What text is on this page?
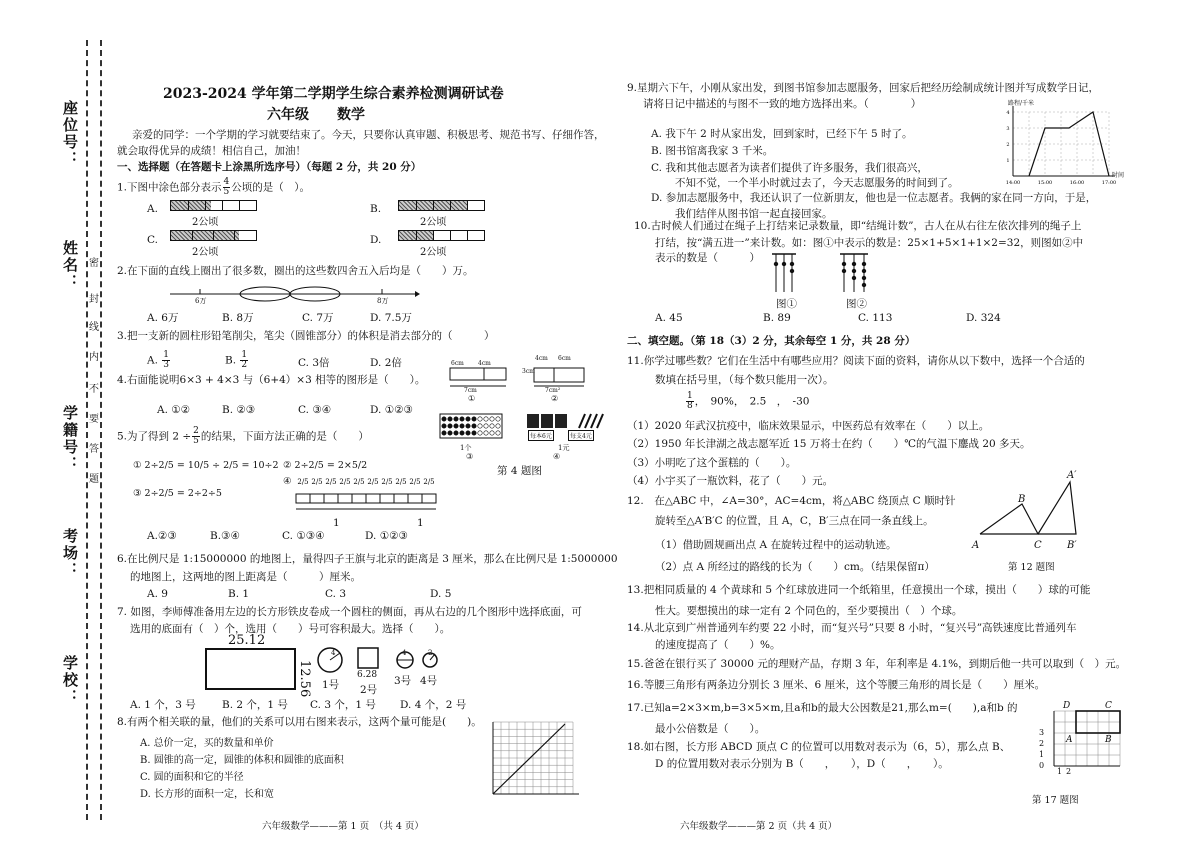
座位号：
姓名：
学籍号：
考场：
学校：
密
封
线
内
不
要
答
题
2023-2024 学年第二学期学生综合素养检测调研试卷
六年级　　数学
亲爱的同学：一个学期的学习就要结束了。今天，只要你认真审题、积极思考、规范书写、仔细作答，
就会取得优异的成绩！相信自己，加油！
一、选择题（在答题卡上涂黑所选序号）（每题 2 分，共 20 分）
1.下图中涂色部分表示 $\frac{4}{5}$ 公顷的是（　）。
A.
2公顷
B.
2公顷
C.
2公顷
D.
2公顷
2.在下面的直线上圈出了很多数，圈出的这些数四舍五入后均是（　　）万。
6万	8万
A. 6万	B. 8万	C. 7万	D. 7.5万
3.把一支新的圆柱形铅笔削尖，笔尖（圆锥部分）的体积是消去部分的（　　　）
A. $\frac{1}{3}$	B. $\frac{1}{2}$	C. 3倍	D. 2倍
4.右面能说明6×3 + 4×3 与（6+4）×3 相等的图形是（　　）。
A. ①②	B. ②③	C. ③④	D. ①②③
6cm 4cm
7cm
①
4cm 6cm
3cm
7cm²
②
1个
③
每本6元	每支4元
1元
④
第 4 题图
5.为了得到 $2 \div \frac{2}{5}$ 的结果，下面方法正确的是（　　）
① 2÷2/5 = 10/5 ÷ 2/5 = 10÷2 ② 2÷2/5 = 2×5/2
③ 2÷2/5 = 2÷2÷5
④ 2/5 2/5 2/5 2/5 2/5 2/5 2/5 2/5 2/5 2/5
1	1
A.②③	B.③④	C. ①③④	D. ①②③
6.在比例尺是 1:15000000 的地图上，量得四子王旗与北京的距离是 3 厘米，那么在比例尺是 1:5000000
的地图上，这两地的图上距离是（　　　）厘米。
A. 9	B. 1	C. 3	D. 5
7. 如图，李师傅准备用左边的长方形铁皮卷成一个圆柱的侧面，再从右边的几个图形中选择底面，可
选用的底面有（　）个，选用（　　）号可容积最大。选择（　　）。
25.12
12.56
4
1号
6.28
2号
4
3号
2
4号
A. 1 个，3 号 B. 2 个，1 号 C. 3 个，1 号 D. 4 个，2 号
8.有两个相关联的量，他们的关系可以用右图来表示，这两个量可能是(　　)。
A. 总价一定，买的数量和单价
B. 圆锥的高一定，圆锥的体积和圆锥的底面积
C. 圆的面积和它的半径
D. 长方形的面积一定，长和宽
六年级数学———第 1 页　（共 4 页）
9.星期六下午，小刚从家出发，到图书馆参加志愿服务，回家后把经历绘制成统计图并写成数学日记，
请将日记中描述的与图不一致的地方选择出来。（　　　　）
A. 我下午 2 时从家出发，回到家时，已经下午 5 时了。
B. 图书馆离我家 3 千米。
C. 我和其他志愿者为读者们提供了许多服务，我们很高兴，
不知不觉，一个半小时就过去了，今天志愿服务的时间到了。
D. 参加志愿服务中，我还认识了一位新朋友，他也是一位志愿者。我俩的家在同一方向，于是，
我们结伴从图书馆一起直接回家。
路程/千米
时间
1
2
3
4
14:00	15:00	16:00	17:00
10.古时候人们通过在绳子上打结来记录数量，即“结绳计数”，古人在从右往左依次排列的绳子上
打结，按“满五进一”来计数。如：图①中表示的数是：25×1+5×1+1×2=32，则图如②中
表示的数是（　　　）
图①	图②
A. 45	B. 89	C. 113	D. 324
二、填空题。（第 18（3）2 分，其余每空 1 分，共 28 分）
11.你学过哪些数？它们在生活中有哪些应用？阅读下面的资料，请你从以下数中，选择一个合适的
数填在括号里，（每个数只能用一次）。
$\frac{1}{8}$ ，　90%，　2.5　，　-30
（1）2020 年武汉抗疫中，临床效果显示，中医药总有效率在（　　）以上。
（2）1950 年长津湖之战志愿军近 15 万将士在约（　　）℃的气温下鏖战 20 多天。
（3）小明吃了这个蛋糕的（　　）。
（4）小宇买了一瓶饮料，花了（　　）元。
12.　在△ABC 中，∠A=30°，AC=4cm，将△ABC 绕顶点 C 顺时针
旋转至△A′B′C 的位置，且 A，C，B′三点在同一条直线上。
（1）借助圆规画出点 A 在旋转过程中的运动轨迹。
（2）点 A 所经过的路线的长为（　　）cm。（结果保留π）
A
B
C	B′
A′
第 12 题图
13.把相同质量的 4 个黄球和 5 个红球放进同一个纸箱里，任意摸出一个球，摸出（　　）球的可能
性大。要想摸出的球一定有 2 个同色的，至少要摸出（　）个球。
14.从北京到广州普通列车约要 22 小时，而“复兴号”只要 8 小时，“复兴号”高铁速度比普通列车
的速度提高了（　　）%。
15.爸爸在银行买了 30000 元的理财产品，存期 3 年，年利率是 4.1%，到期后他一共可以取到（　）元。
16.等腰三角形有两条边分别长 3 厘米、6 厘米，这个等腰三角形的周长是（　　）厘米。
17.已知a=2×3×m,b=3×5×m,且a和b的最大公因数是21,那么m=(　　),a和b 的
最小公倍数是（　　）。
18.如右图，长方形 ABCD 顶点 C 的位置可以用数对表示为（6，5），那么点 B、
D 的位置用数对表示分别为 B（　　，　　），D（　　，　　）。
D	C
A	B
3
2
1
0
1 2
第 17 题图
六年级数学———第 2 页（共 4 页）
